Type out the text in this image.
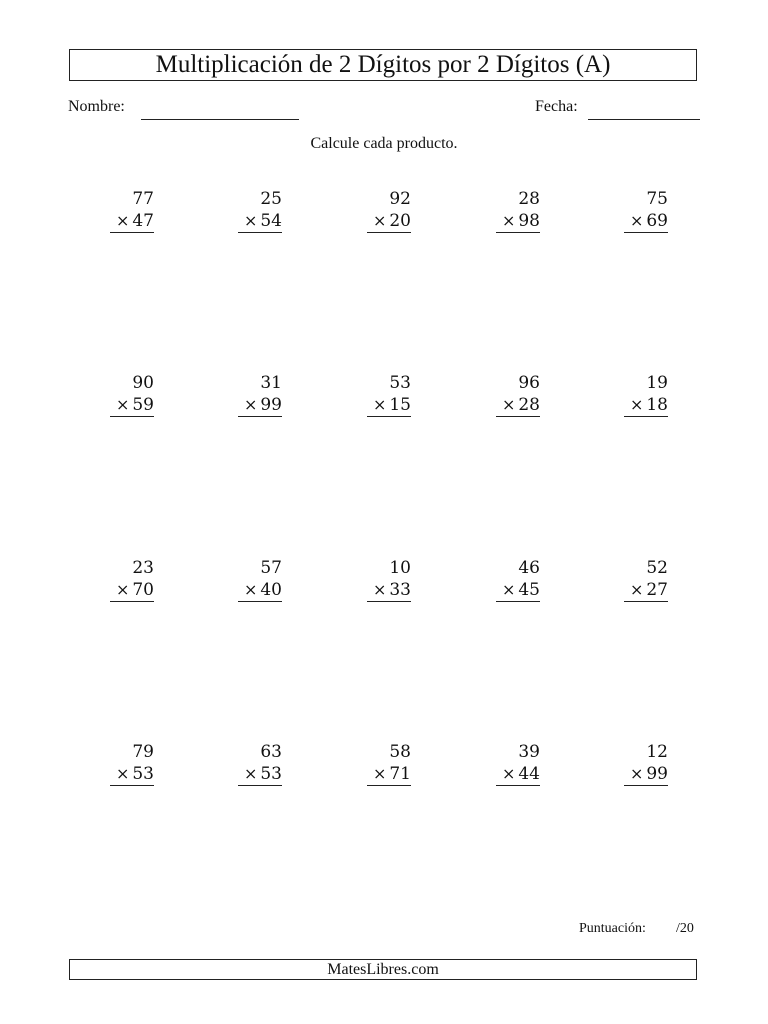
Multiplicación de 2 Dígitos por 2 Dígitos (A)
Nombre:	Fecha:
Calcule cada producto.
77
× 47
25
× 54
92
× 20
28
× 98
75
× 69
90
× 59
31
× 99
53
× 15
96
× 28
19
× 18
23
× 70
57
× 40
10
× 33
46
× 45
52
× 27
79
× 53
63
× 53
58
× 71
39
× 44
12
× 99
Puntuación: /20
MatesLibres.com
